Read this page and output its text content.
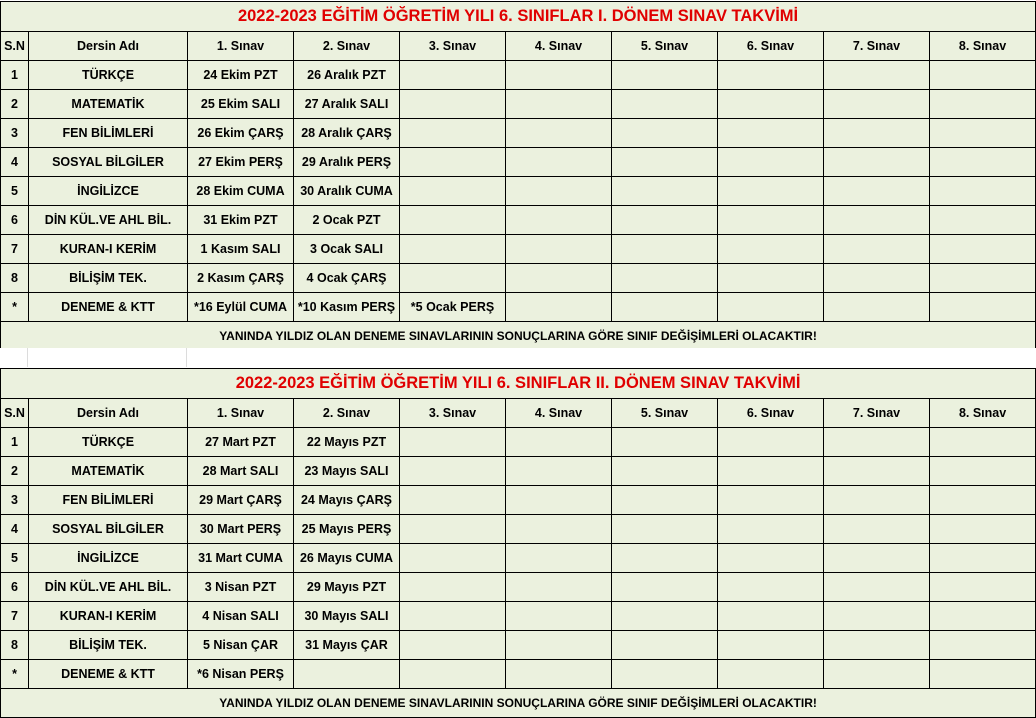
2022-2023 EĞİTİM ÖĞRETİM YILI 6. SINIFLAR I. DÖNEM SINAV TAKVİMİ									
S.N	Dersin Adı	1. Sınav	2. Sınav	3. Sınav	4. Sınav	5. Sınav	6. Sınav	7. Sınav	8. Sınav
1	TÜRKÇE	24 Ekim PZT	26 Aralık PZT						
2	MATEMATİK	25 Ekim SALI	27 Aralık SALI						
3	FEN BİLİMLERİ	26 Ekim ÇARŞ	28 Aralık ÇARŞ						
4	SOSYAL BİLGİLER	27 Ekim PERŞ	29 Aralık PERŞ						
5	İNGİLİZCE	28 Ekim CUMA	30 Aralık CUMA						
6	DİN KÜL.VE AHL BİL.	31 Ekim PZT	2 Ocak PZT						
7	KURAN-I KERİM	1 Kasım SALI	3 Ocak SALI						
8	BİLİŞİM TEK.	2 Kasım ÇARŞ	4 Ocak ÇARŞ						
*	DENEME & KTT	*16 Eylül CUMA	*10 Kasım PERŞ	*5 Ocak PERŞ					
YANINDA YILDIZ OLAN DENEME SINAVLARININ SONUÇLARINA GÖRE SINIF DEĞİŞİMLERİ OLACAKTIR!									
2022-2023 EĞİTİM ÖĞRETİM YILI 6. SINIFLAR II. DÖNEM SINAV TAKVİMİ									
S.N	Dersin Adı	1. Sınav	2. Sınav	3. Sınav	4. Sınav	5. Sınav	6. Sınav	7. Sınav	8. Sınav
1	TÜRKÇE	27 Mart PZT	22 Mayıs PZT						
2	MATEMATİK	28 Mart SALI	23 Mayıs SALI						
3	FEN BİLİMLERİ	29 Mart ÇARŞ	24 Mayıs ÇARŞ						
4	SOSYAL BİLGİLER	30 Mart PERŞ	25 Mayıs PERŞ						
5	İNGİLİZCE	31 Mart CUMA	26 Mayıs CUMA						
6	DİN KÜL.VE AHL BİL.	3 Nisan PZT	29 Mayıs PZT						
7	KURAN-I KERİM	4 Nisan SALI	30 Mayıs SALI						
8	BİLİŞİM TEK.	5 Nisan ÇAR	31 Mayıs ÇAR						
*	DENEME & KTT	*6 Nisan PERŞ							
YANINDA YILDIZ OLAN DENEME SINAVLARININ SONUÇLARINA GÖRE SINIF DEĞİŞİMLERİ OLACAKTIR!									
